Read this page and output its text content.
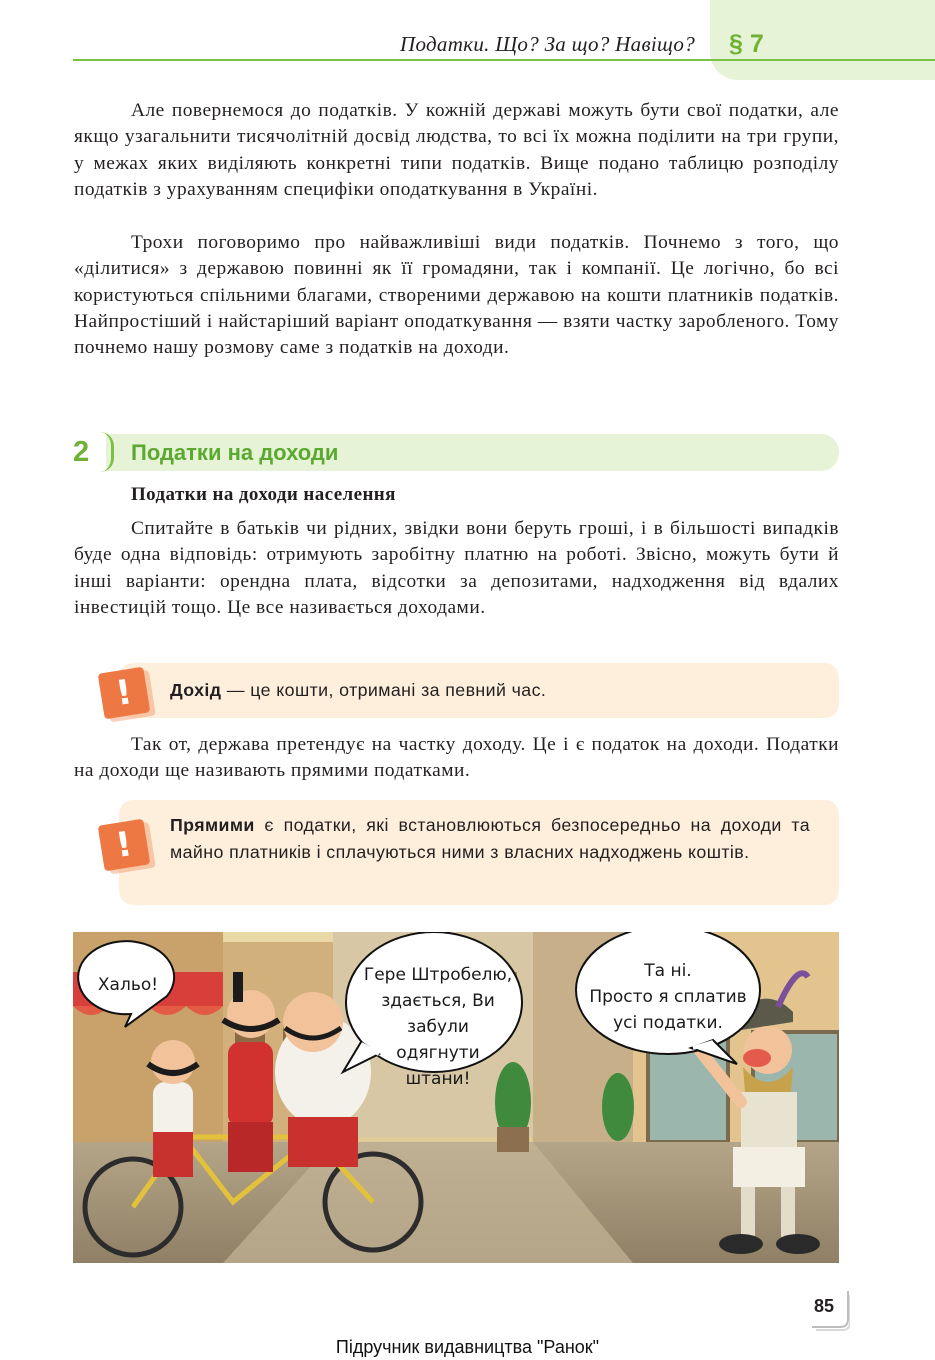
Податки. Що? За що? Навіщо? § 7

Але повернемося до податків. У кожній державі можуть бути свої податки, але якщо узагальнити тисячолітній досвід людства, то всі їх можна поділити на три групи, у межах яких виділяють конкретні типи податків. Вище подано таблицю розподілу податків з урахуванням специфіки оподаткування в Україні.

Трохи поговоримо про найважливіші види податків. Почнемо з того, що «ділитися» з державою повинні як її громадяни, так і компанії. Це логічно, бо всі користуються спільними благами, створеними державою на кошти платників податків. Найпростіший і найстаріший варіант оподаткування — взяти частку заробленого. Тому почнемо нашу розмову саме з податків на доходи.

2 Податки на доходи
Податки на доходи населення

Спитайте в батьків чи рідних, звідки вони беруть гроші, і в більшості випадків буде одна відповідь: отримують заробітну платню на роботі. Звісно, можуть бути й інші варіанти: орендна плата, відсотки за депозитами, надходження від вдалих інвестицій тощо. Це все називається доходами.

!	Дохід — це кошти, отримані за певний час.

Так от, держава претендує на частку доходу. Це і є податок на доходи. Податки на доходи ще називають прямими податками.

!	Прямими є податки, які встановлюються безпосередньо на доходи та майно платників і сплачуються ними з власних надходжень коштів.

Хальо!	Гере Штробелю,
здається, Ви
забули одягнути
штани!
Та ні.
Просто я сплатив
усі податки.
85
Підручник видавництва "Ранок"
